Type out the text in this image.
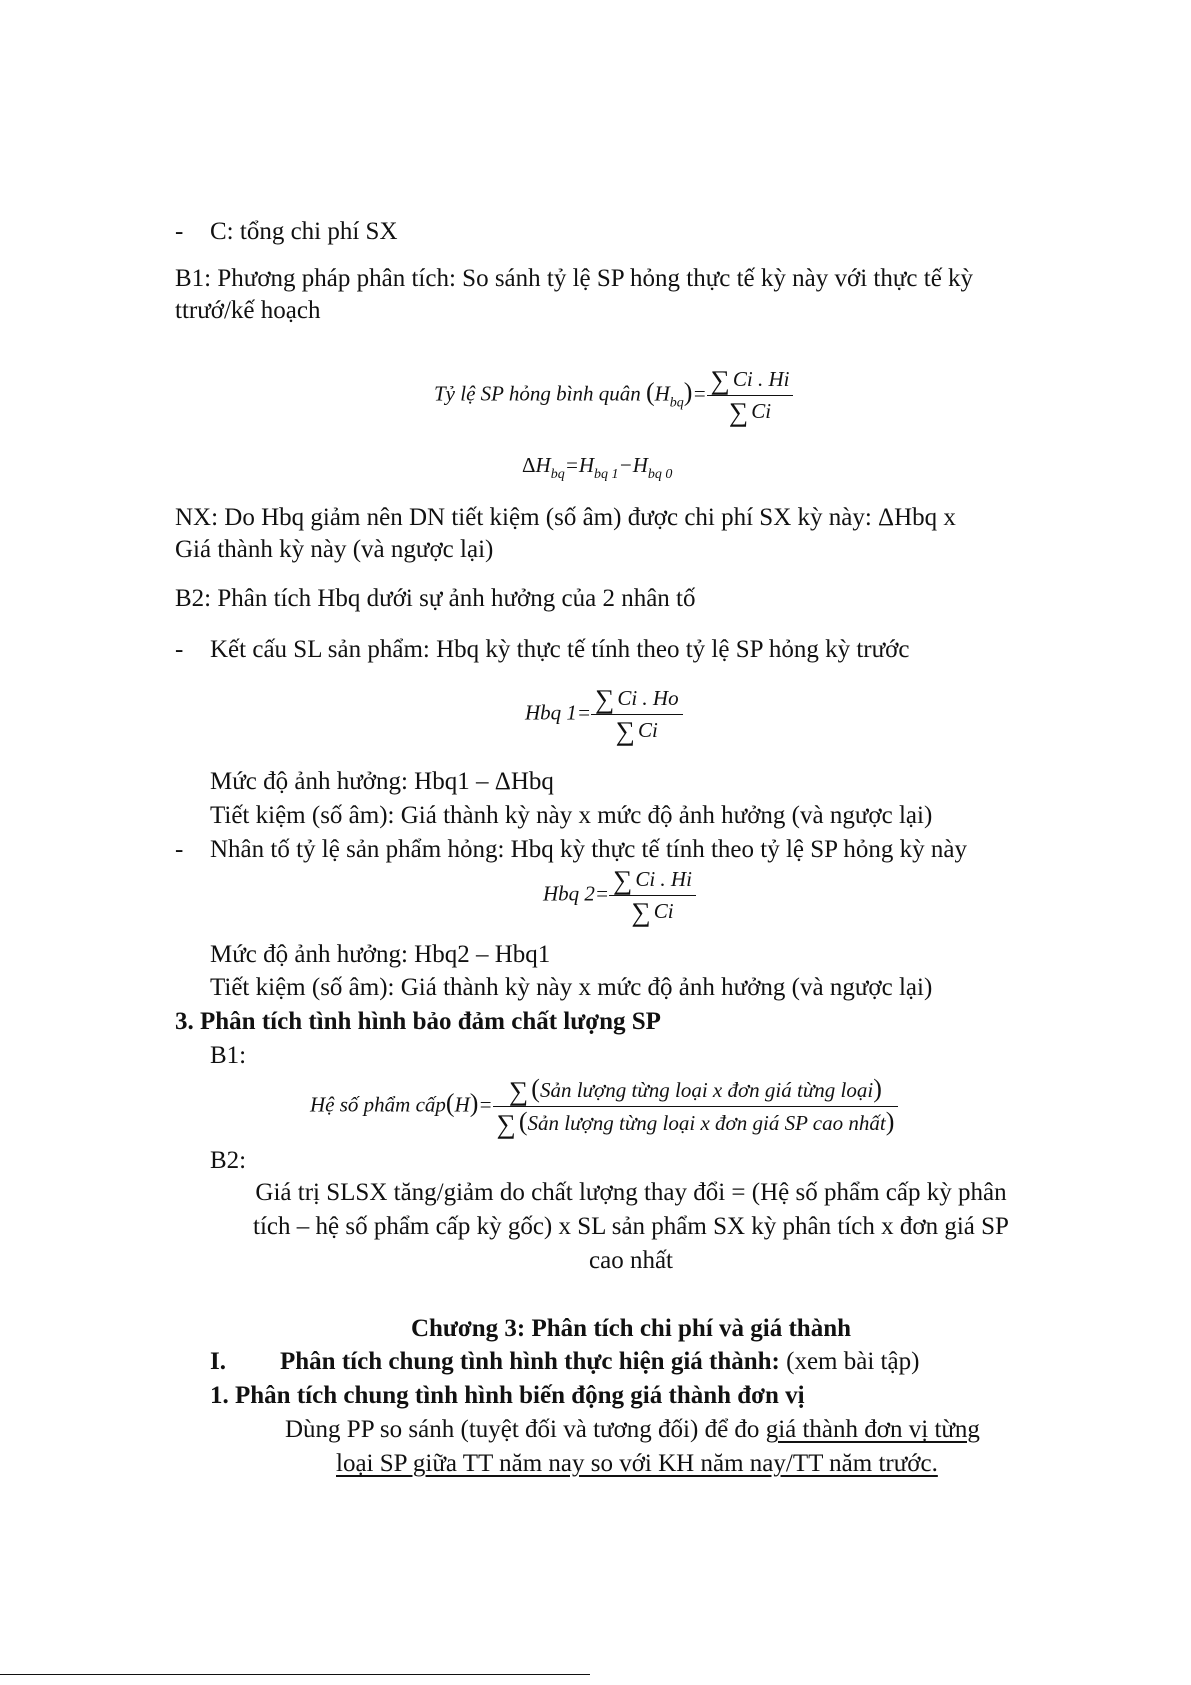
- C: tổng chi phí SX
B1: Phương pháp phân tích: So sánh tỷ lệ SP hỏng thực tế kỳ này với thực tế kỳ
ttrướ/kế hoạch
Tỷ lệ SP hỏng bình quân $(H_{bq})= \frac{\sum Ci . Hi}{\sum Ci}$
$\Delta H_{bq}=H_{bq 1}-H_{bq 0}$
NX: Do Hbq giảm nên DN tiết kiệm (số âm) được chi phí SX kỳ này: ΔHbq x
Giá thành kỳ này (và ngược lại)
B2: Phân tích Hbq dưới sự ảnh hưởng của 2 nhân tố
- Kết cấu SL sản phẩm: Hbq kỳ thực tế tính theo tỷ lệ SP hỏng kỳ trước
Hbq $1= \frac{\sum Ci . Ho}{\sum Ci}$
Mức độ ảnh hưởng: Hbq1 – ΔHbq
Tiết kiệm (số âm): Giá thành kỳ này x mức độ ảnh hưởng (và ngược lại)
- Nhân tố tỷ lệ sản phẩm hỏng: Hbq kỳ thực tế tính theo tỷ lệ SP hỏng kỳ này
Hbq $2= \frac{\sum Ci . Hi}{\sum Ci}$
Mức độ ảnh hưởng: Hbq2 – Hbq1
Tiết kiệm (số âm): Giá thành kỳ này x mức độ ảnh hưởng (và ngược lại)
3. Phân tích tình hình bảo đảm chất lượng SP
B1:
Hệ số phẩm cấp(H)= $\frac{\text{∑ (Sản lượng từng loại x đơn giá từng loại)}}{\text{∑ (Sản lượng từng loại x đơn giá SP cao nhất)}}$
B2:
Giá trị SLSX tăng/giảm do chất lượng thay đổi = (Hệ số phẩm cấp kỳ phân
tích – hệ số phẩm cấp kỳ gốc) x SL sản phẩm SX kỳ phân tích x đơn giá SP
cao nhất
Chương 3: Phân tích chi phí và giá thành
I. Phân tích chung tình hình thực hiện giá thành: (xem bài tập)
1. Phân tích chung tình hình biến động giá thành đơn vị
Dùng PP so sánh (tuyệt đối và tương đối) để đo giá thành đơn vị từng
loại SP giữa TT năm nay so với KH năm nay/TT năm trước.
